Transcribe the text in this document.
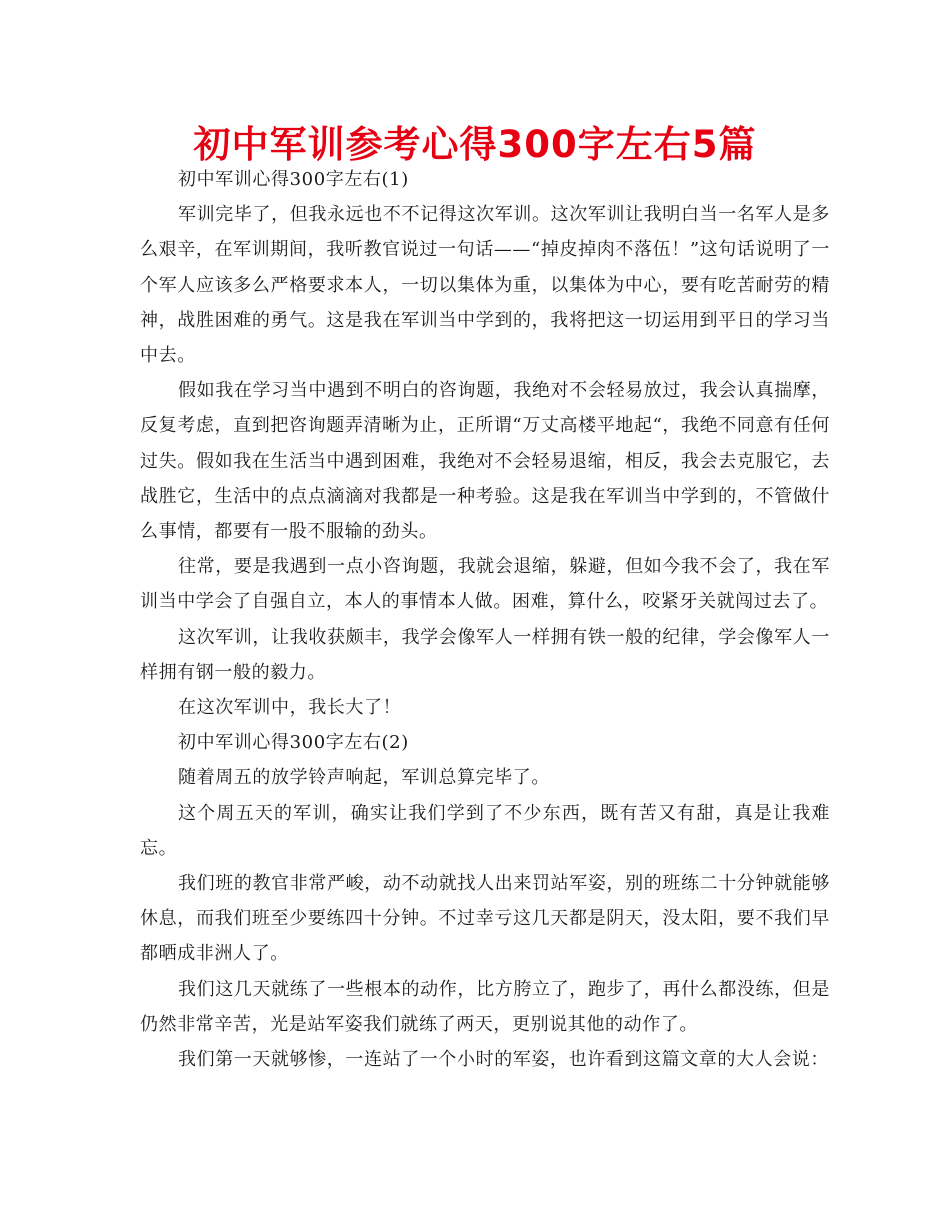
初中军训参考心得300字左右5篇

初中军训心得300字左右(1)

军训完毕了，但我永远也不不记得这次军训。这次军训让我明白当一名军人是多么艰辛，在军训期间，我听教官说过一句话——“掉皮掉肉不落伍！”这句话说明了一个军人应该多么严格要求本人，一切以集体为重，以集体为中心，要有吃苦耐劳的精神，战胜困难的勇气。这是我在军训当中学到的，我将把这一切运用到平日的学习当中去。

假如我在学习当中遇到不明白的咨询题，我绝对不会轻易放过，我会认真揣摩，反复考虑，直到把咨询题弄清晰为止，正所谓“万丈高楼平地起“，我绝不同意有任何过失。假如我在生活当中遇到困难，我绝对不会轻易退缩，相反，我会去克服它，去战胜它，生活中的点点滴滴对我都是一种考验。这是我在军训当中学到的，不管做什么事情，都要有一股不服输的劲头。

往常，要是我遇到一点小咨询题，我就会退缩，躲避，但如今我不会了，我在军训当中学会了自强自立，本人的事情本人做。困难，算什么，咬紧牙关就闯过去了。

这次军训，让我收获颇丰，我学会像军人一样拥有铁一般的纪律，学会像军人一样拥有钢一般的毅力。

在这次军训中，我长大了！

初中军训心得300字左右(2)

随着周五的放学铃声响起，军训总算完毕了。

这个周五天的军训，确实让我们学到了不少东西，既有苦又有甜，真是让我难忘。

我们班的教官非常严峻，动不动就找人出来罚站军姿，别的班练二十分钟就能够休息，而我们班至少要练四十分钟。不过幸亏这几天都是阴天，没太阳，要不我们早都晒成非洲人了。

我们这几天就练了一些根本的动作，比方胯立了，跑步了，再什么都没练，但是仍然非常辛苦，光是站军姿我们就练了两天，更别说其他的动作了。

我们第一天就够惨，一连站了一个小时的军姿，也许看到这篇文章的大人会说：
